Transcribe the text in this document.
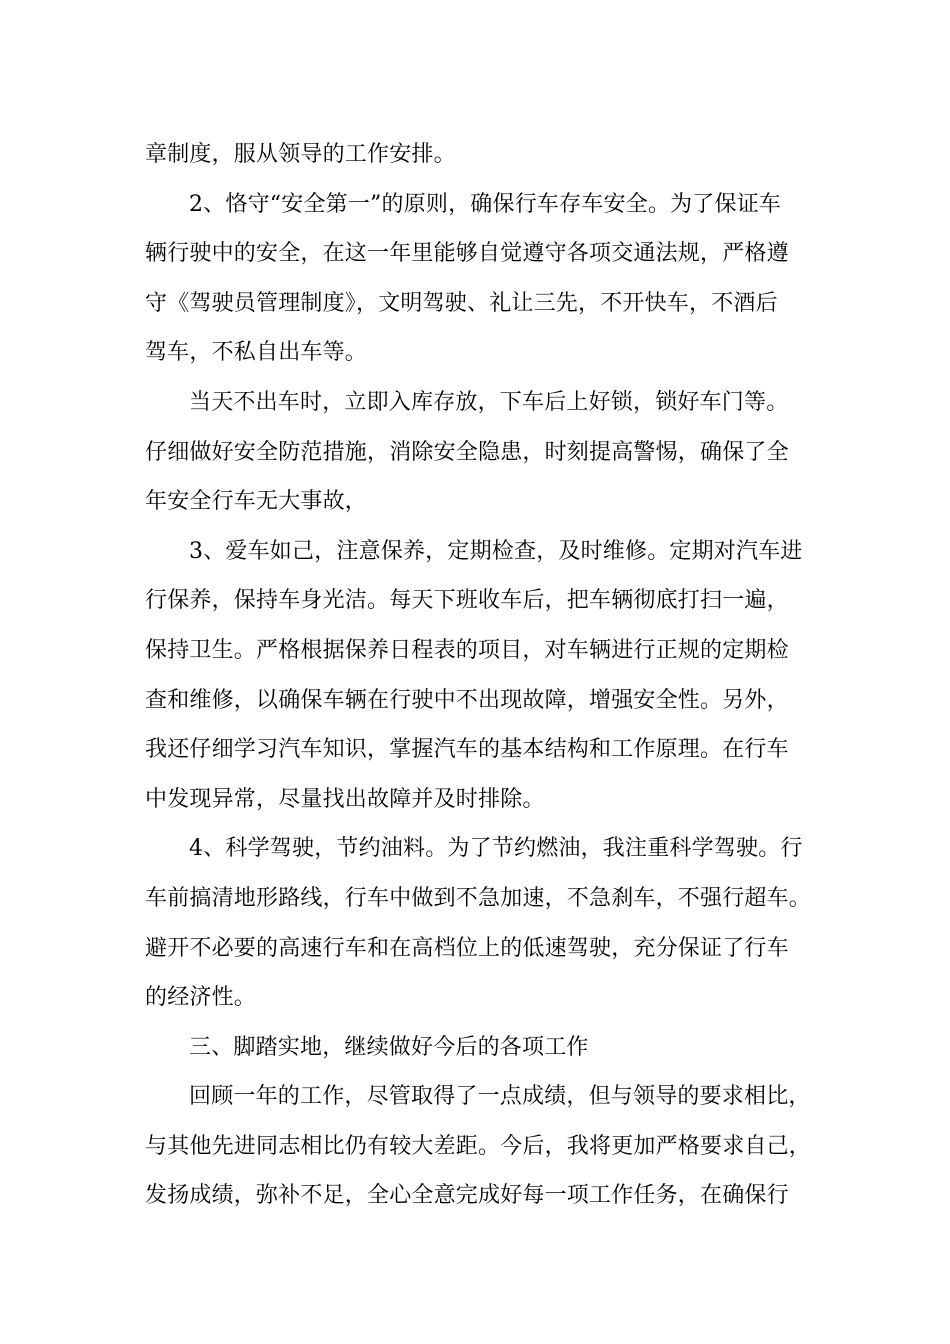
章制度，服从领导的工作安排。
2、恪守“安全第一”的原则，确保行车存车安全。为了保证车
辆行驶中的安全，在这一年里能够自觉遵守各项交通法规，严格遵
守《驾驶员管理制度》，文明驾驶、礼让三先，不开快车，不酒后
驾车，不私自出车等。
当天不出车时，立即入库存放，下车后上好锁，锁好车门等。
仔细做好安全防范措施，消除安全隐患，时刻提高警惕，确保了全
年安全行车无大事故，
3、爱车如己，注意保养，定期检查，及时维修。定期对汽车进
行保养，保持车身光洁。每天下班收车后，把车辆彻底打扫一遍，
保持卫生。严格根据保养日程表的项目，对车辆进行正规的定期检
查和维修，以确保车辆在行驶中不出现故障，增强安全性。另外，
我还仔细学习汽车知识，掌握汽车的基本结构和工作原理。在行车
中发现异常，尽量找出故障并及时排除。
4、科学驾驶，节约油料。为了节约燃油，我注重科学驾驶。行
车前搞清地形路线，行车中做到不急加速，不急刹车，不强行超车。
避开不必要的高速行车和在高档位上的低速驾驶，充分保证了行车
的经济性。
三、脚踏实地，继续做好今后的各项工作
回顾一年的工作，尽管取得了一点成绩，但与领导的要求相比，
与其他先进同志相比仍有较大差距。今后，我将更加严格要求自己，
发扬成绩，弥补不足，全心全意完成好每一项工作任务，在确保行
